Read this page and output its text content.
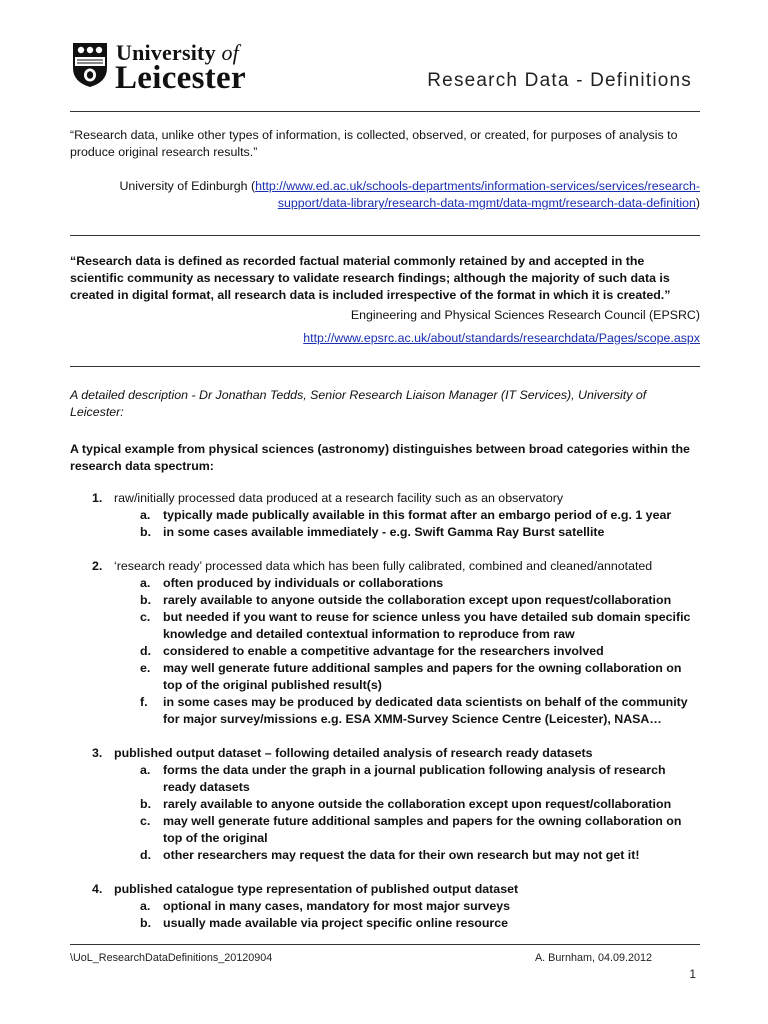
University of
Leicester	Research Data - Definitions
“Research data, unlike other types of information, is collected, observed, or created, for purposes of analysis to produce original research results.”
University of Edinburgh (http://www.ed.ac.uk/schools-departments/information-services/services/research-support/data-library/research-data-mgmt/data-mgmt/research-data-definition)
“Research data is defined as recorded factual material commonly retained by and accepted in the scientific community as necessary to validate research findings; although the majority of such data is created in digital format, all research data is included irrespective of the format in which it is created.”
Engineering and Physical Sciences Research Council (EPSRC)
http://www.epsrc.ac.uk/about/standards/researchdata/Pages/scope.aspx
A detailed description - Dr Jonathan Tedds, Senior Research Liaison Manager (IT Services), University of Leicester:
A typical example from physical sciences (astronomy) distinguishes between broad categories within the research data spectrum:
1. raw/initially processed data produced at a research facility such as an observatory
a. typically made publically available in this format after an embargo period of e.g. 1 year
b. in some cases available immediately - e.g. Swift Gamma Ray Burst satellite
2. ‘research ready’ processed data which has been fully calibrated, combined and cleaned/annotated
a. often produced by individuals or collaborations
b. rarely available to anyone outside the collaboration except upon request/collaboration
c. but needed if you want to reuse for science unless you have detailed sub domain specific knowledge and detailed contextual information to reproduce from raw
d. considered to enable a competitive advantage for the researchers involved
e. may well generate future additional samples and papers for the owning collaboration on top of the original published result(s)
f. in some cases may be produced by dedicated data scientists on behalf of the community for major survey/missions e.g. ESA XMM-Survey Science Centre (Leicester), NASA…
3. published output dataset – following detailed analysis of research ready datasets
a. forms the data under the graph in a journal publication following analysis of research ready datasets
b. rarely available to anyone outside the collaboration except upon request/collaboration
c. may well generate future additional samples and papers for the owning collaboration on top of the original
d. other researchers may request the data for their own research but may not get it!
4. published catalogue type representation of published output dataset
a. optional in many cases, mandatory for most major surveys
b. usually made available via project specific online resource
\UoL_ResearchDataDefinitions_20120904	A. Burnham, 04.09.2012
1
